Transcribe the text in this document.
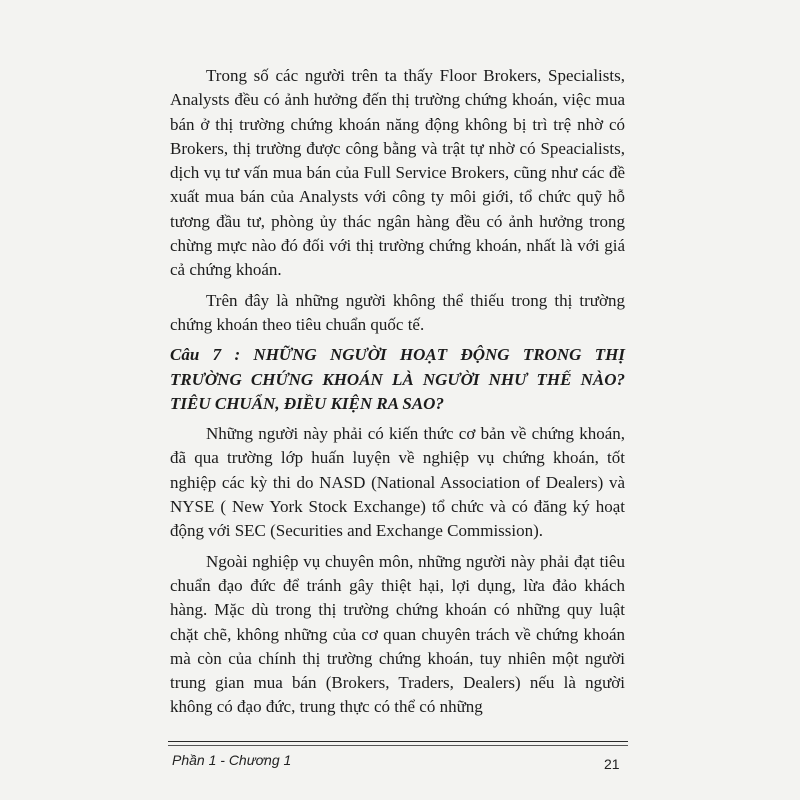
Trong số các người trên ta thấy Floor Brokers, Specialists, Analysts đều có ảnh hưởng đến thị trường chứng khoán, việc mua bán ở thị trường chứng khoán năng động không bị trì trệ nhờ có Brokers, thị trường được công bằng và trật tự nhờ có Speacialists, dịch vụ tư vấn mua bán của Full Service Brokers, cũng như các đề xuất mua bán của Analysts với công ty môi giới, tổ chức quỹ hỗ tương đầu tư, phòng ủy thác ngân hàng đều có ảnh hưởng trong chừng mực nào đó đối với thị trường chứng khoán, nhất là với giá cả chứng khoán.

Trên đây là những người không thể thiếu trong thị trường chứng khoán theo tiêu chuẩn quốc tế.

Câu 7 : NHỮNG NGƯỜI HOẠT ĐỘNG TRONG THỊ TRƯỜNG CHỨNG KHOÁN LÀ NGƯỜI NHƯ THẾ NÀO? TIÊU CHUẨN, ĐIỀU KIỆN RA SAO?

Những người này phải có kiến thức cơ bản về chứng khoán, đã qua trường lớp huấn luyện về nghiệp vụ chứng khoán, tốt nghiệp các kỳ thi do NASD (National Association of Dealers) và NYSE ( New York Stock Exchange) tổ chức và có đăng ký hoạt động với SEC (Securities and Exchange Commission).

Ngoài nghiệp vụ chuyên môn, những người này phải đạt tiêu chuẩn đạo đức để tránh gây thiệt hại, lợi dụng, lừa đảo khách hàng. Mặc dù trong thị trường chứng khoán có những quy luật chặt chẽ, không những của cơ quan chuyên trách về chứng khoán mà còn của chính thị trường chứng khoán, tuy nhiên một người trung gian mua bán (Brokers, Traders, Dealers) nếu là người không có đạo đức, trung thực có thể có những

Phần 1 - Chương 1	21
